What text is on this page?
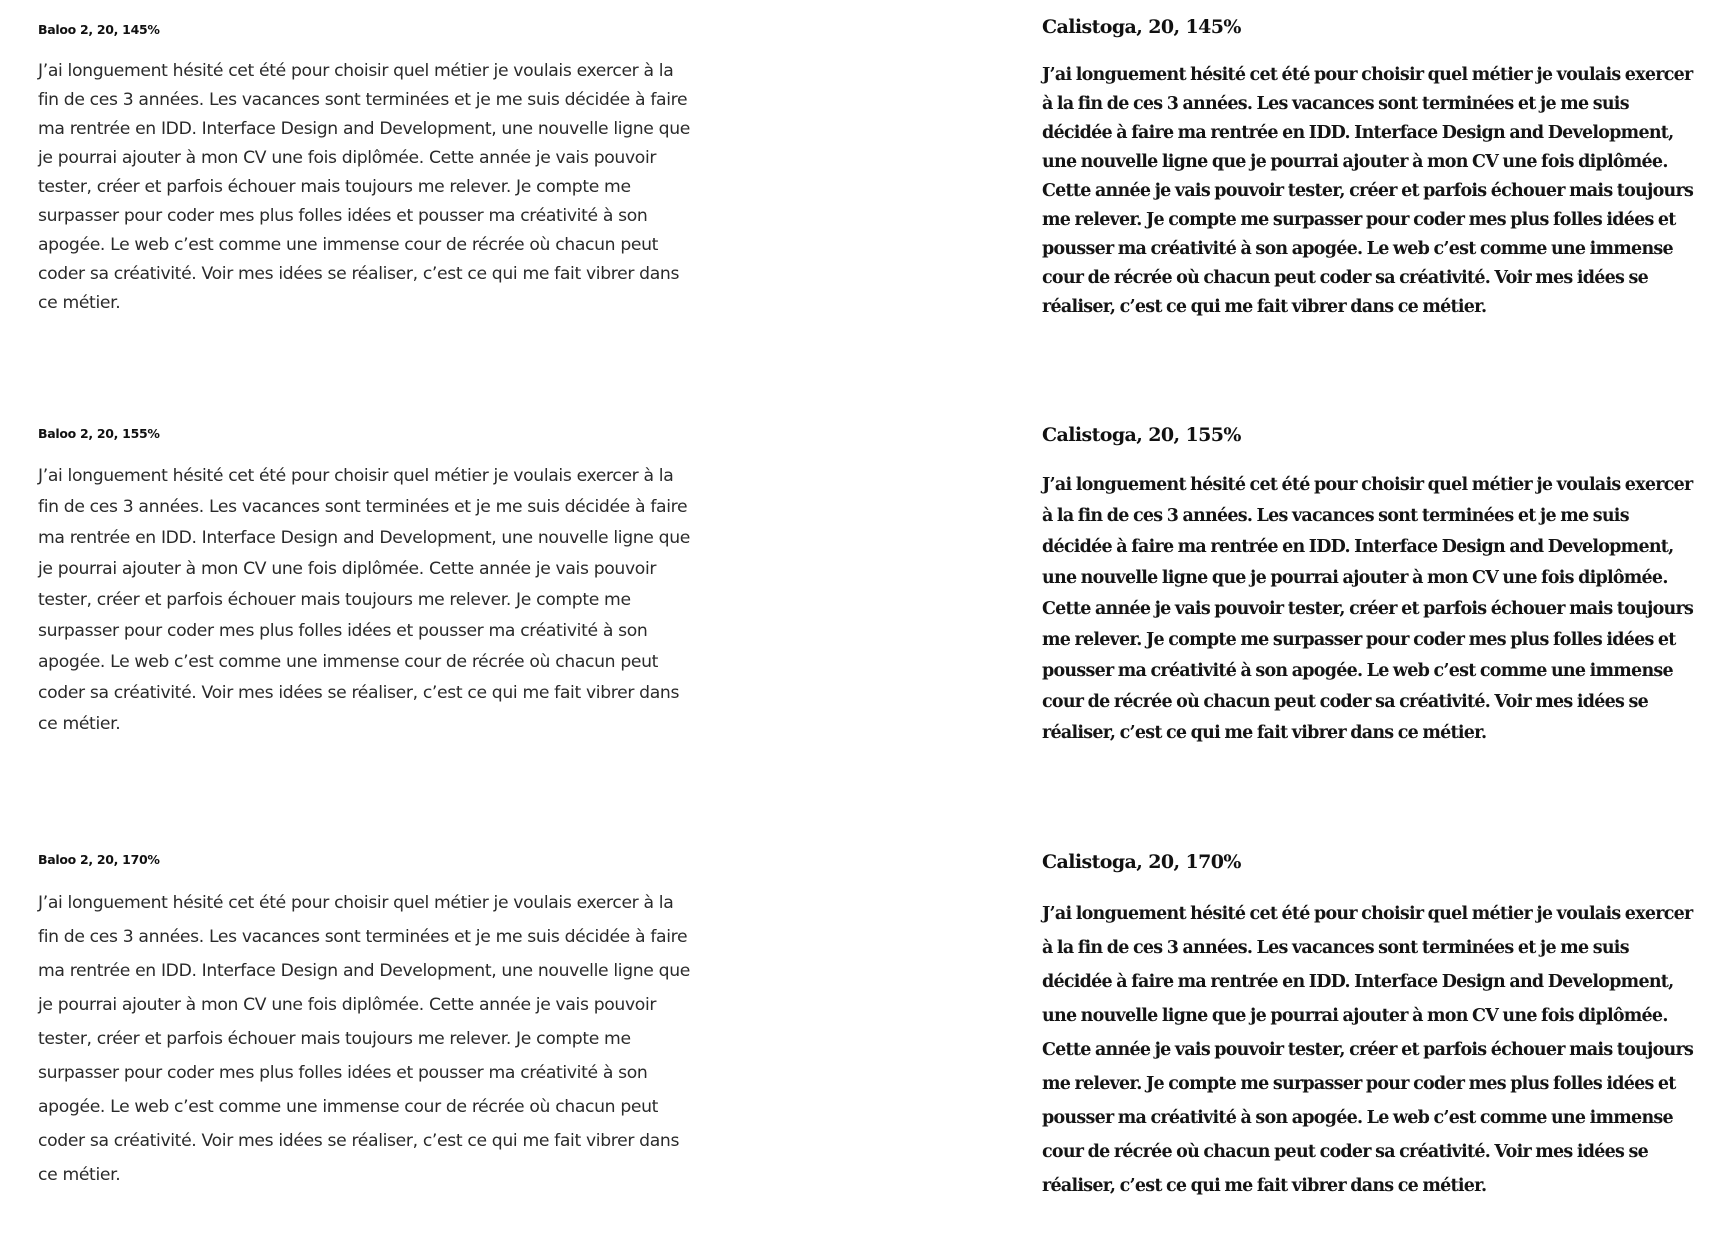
Baloo 2, 20, 145%
J’ai longuement hésité cet été pour choisir quel métier je voulais exercer à la
fin de ces 3 années. Les vacances sont terminées et je me suis décidée à faire
ma rentrée en IDD. Interface Design and Development, une nouvelle ligne que
je pourrai ajouter à mon CV une fois diplômée. Cette année je vais pouvoir
tester, créer et parfois échouer mais toujours me relever. Je compte me
surpasser pour coder mes plus folles idées et pousser ma créativité à son
apogée. Le web c’est comme une immense cour de récrée où chacun peut
coder sa créativité. Voir mes idées se réaliser, c’est ce qui me fait vibrer dans
ce métier.
Baloo 2, 20, 155%
J’ai longuement hésité cet été pour choisir quel métier je voulais exercer à la
fin de ces 3 années. Les vacances sont terminées et je me suis décidée à faire
ma rentrée en IDD. Interface Design and Development, une nouvelle ligne que
je pourrai ajouter à mon CV une fois diplômée. Cette année je vais pouvoir
tester, créer et parfois échouer mais toujours me relever. Je compte me
surpasser pour coder mes plus folles idées et pousser ma créativité à son
apogée. Le web c’est comme une immense cour de récrée où chacun peut
coder sa créativité. Voir mes idées se réaliser, c’est ce qui me fait vibrer dans
ce métier.
Baloo 2, 20, 170%
J’ai longuement hésité cet été pour choisir quel métier je voulais exercer à la
fin de ces 3 années. Les vacances sont terminées et je me suis décidée à faire
ma rentrée en IDD. Interface Design and Development, une nouvelle ligne que
je pourrai ajouter à mon CV une fois diplômée. Cette année je vais pouvoir
tester, créer et parfois échouer mais toujours me relever. Je compte me
surpasser pour coder mes plus folles idées et pousser ma créativité à son
apogée. Le web c’est comme une immense cour de récrée où chacun peut
coder sa créativité. Voir mes idées se réaliser, c’est ce qui me fait vibrer dans
ce métier.
Calistoga, 20, 145%
J’ai longuement hésité cet été pour choisir quel métier je voulais exercer
à la fin de ces 3 années. Les vacances sont terminées et je me suis
décidée à faire ma rentrée en IDD. Interface Design and Development,
une nouvelle ligne que je pourrai ajouter à mon CV une fois diplômée.
Cette année je vais pouvoir tester, créer et parfois échouer mais toujours
me relever. Je compte me surpasser pour coder mes plus folles idées et
pousser ma créativité à son apogée. Le web c’est comme une immense
cour de récrée où chacun peut coder sa créativité. Voir mes idées se
réaliser, c’est ce qui me fait vibrer dans ce métier.
Calistoga, 20, 155%
J’ai longuement hésité cet été pour choisir quel métier je voulais exercer
à la fin de ces 3 années. Les vacances sont terminées et je me suis
décidée à faire ma rentrée en IDD. Interface Design and Development,
une nouvelle ligne que je pourrai ajouter à mon CV une fois diplômée.
Cette année je vais pouvoir tester, créer et parfois échouer mais toujours
me relever. Je compte me surpasser pour coder mes plus folles idées et
pousser ma créativité à son apogée. Le web c’est comme une immense
cour de récrée où chacun peut coder sa créativité. Voir mes idées se
réaliser, c’est ce qui me fait vibrer dans ce métier.
Calistoga, 20, 170%
J’ai longuement hésité cet été pour choisir quel métier je voulais exercer
à la fin de ces 3 années. Les vacances sont terminées et je me suis
décidée à faire ma rentrée en IDD. Interface Design and Development,
une nouvelle ligne que je pourrai ajouter à mon CV une fois diplômée.
Cette année je vais pouvoir tester, créer et parfois échouer mais toujours
me relever. Je compte me surpasser pour coder mes plus folles idées et
pousser ma créativité à son apogée. Le web c’est comme une immense
cour de récrée où chacun peut coder sa créativité. Voir mes idées se
réaliser, c’est ce qui me fait vibrer dans ce métier.
